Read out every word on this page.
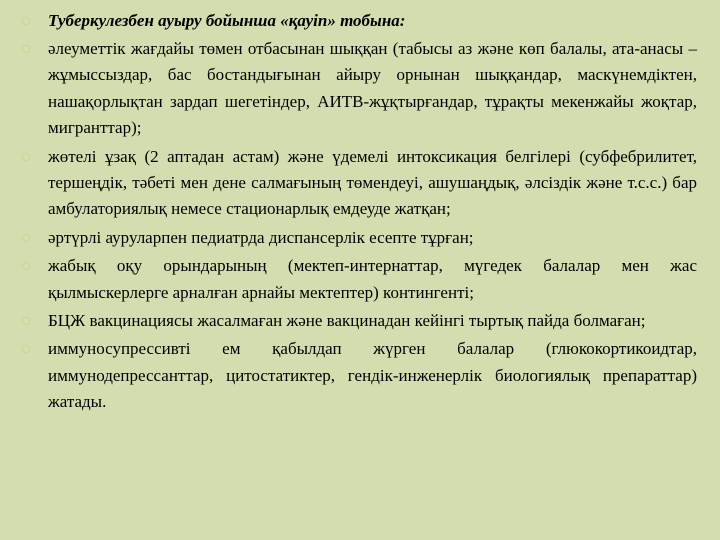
Туберкулезбен ауыру бойынша «қауіп» тобына:
әлеуметтік жағдайы төмен отбасынан шыққан (табысы аз және көп балалы, ата-анасы – жұмыссыздар, бас бостандығынан айыру орнынан шыққандар, маскүнемдіктен, нашақорлықтан зардап шегетіндер, АИТВ-жұқтырғандар, тұрақты мекенжайы жоқтар, мигранттар);
жөтелі ұзақ (2 аптадан астам) және үдемелі интоксикация белгілері (субфебрилитет, тершеңдік, тәбеті мен дене салмағының төмендеуі, ашушаңдық, әлсіздік және т.с.с.) бар амбулаториялық немесе стационарлық емдеуде жатқан;
әртүрлі ауруларпен педиатрда диспансерлік есепте тұрған;
жабық оқу орындарының (мектеп-интернаттар, мүгедек балалар мен жас қылмыскерлерге арналған арнайы мектептер) контингенті;
БЦЖ вакцинациясы жасалмаған және вакцинадан кейінгі тыртық пайда болмаған;
иммуносупрессивті ем қабылдап жүрген балалар (глюкокортикоидтар, иммунодепрессанттар, цитостатиктер, гендік-инженерлік биологиялық препараттар) жатады.
